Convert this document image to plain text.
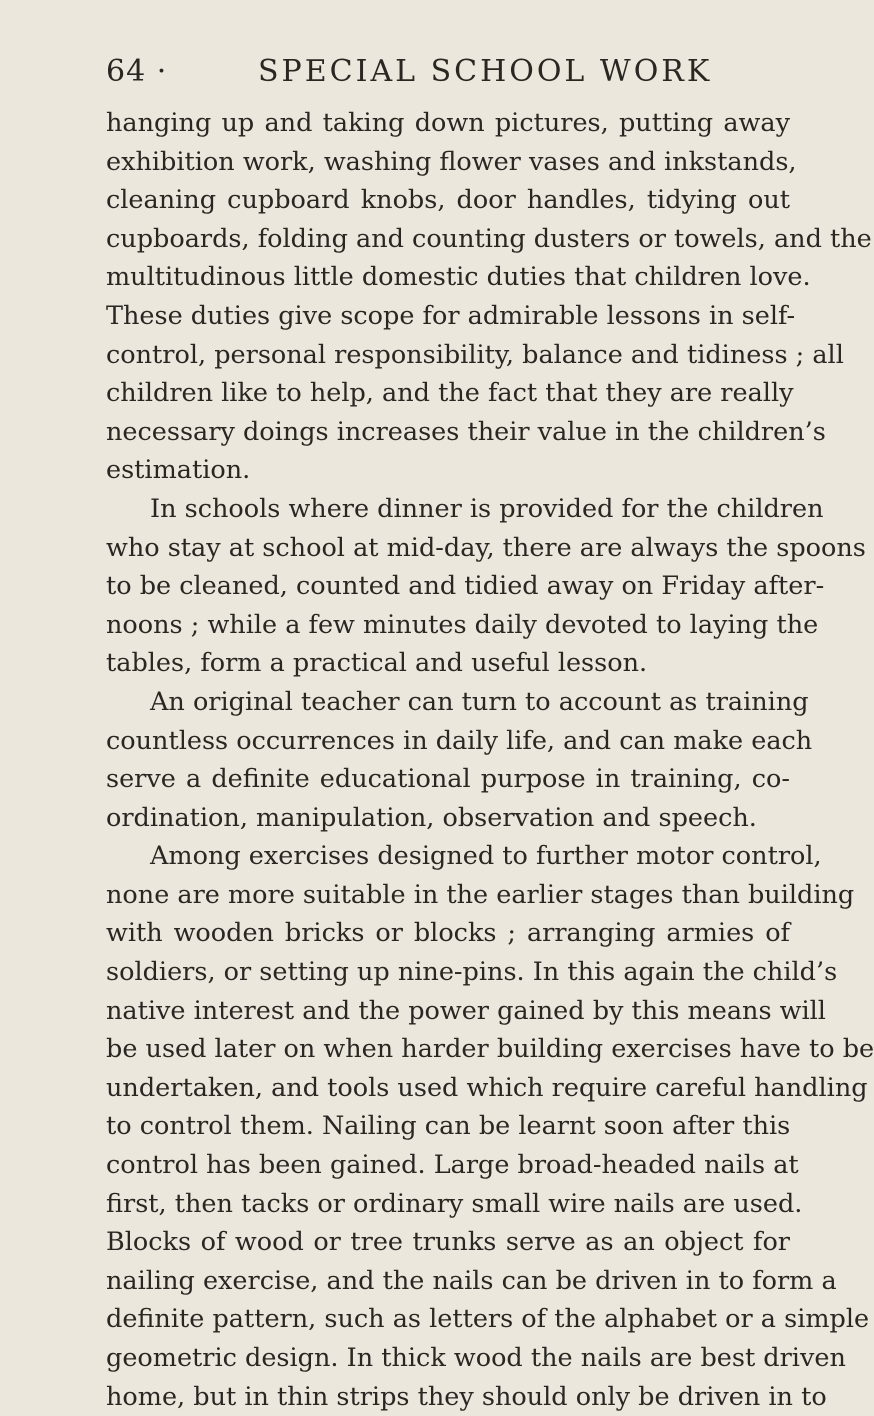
64 ·	SPECIAL SCHOOL WORK
hanging up and taking down pictures, putting away
exhibition work, washing flower vases and inkstands,
cleaning cupboard knobs, door handles, tidying out
cupboards, folding and counting dusters or towels, and the
multitudinous little domestic duties that children love.
These duties give scope for admirable lessons in self-
control, personal responsibility, balance and tidiness ; all
children like to help, and the fact that they are really
necessary doings increases their value in the children’s
estimation.
In schools where dinner is provided for the children
who stay at school at mid-day, there are always the spoons
to be cleaned, counted and tidied away on Friday after-
noons ; while a few minutes daily devoted to laying the
tables, form a practical and useful lesson.
An original teacher can turn to account as training
countless occurrences in daily life, and can make each
serve a definite educational purpose in training, co-
ordination, manipulation, observation and speech.
Among exercises designed to further motor control,
none are more suitable in the earlier stages than building
with wooden bricks or blocks ; arranging armies of
soldiers, or setting up nine-pins. In this again the child’s
native interest and the power gained by this means will
be used later on when harder building exercises have to be
undertaken, and tools used which require careful handling
to control them. Nailing can be learnt soon after this
control has been gained. Large broad-headed nails at
first, then tacks or ordinary small wire nails are used.
Blocks of wood or tree trunks serve as an object for
nailing exercise, and the nails can be driven in to form a
definite pattern, such as letters of the alphabet or a simple
geometric design. In thick wood the nails are best driven
home, but in thin strips they should only be driven in to
